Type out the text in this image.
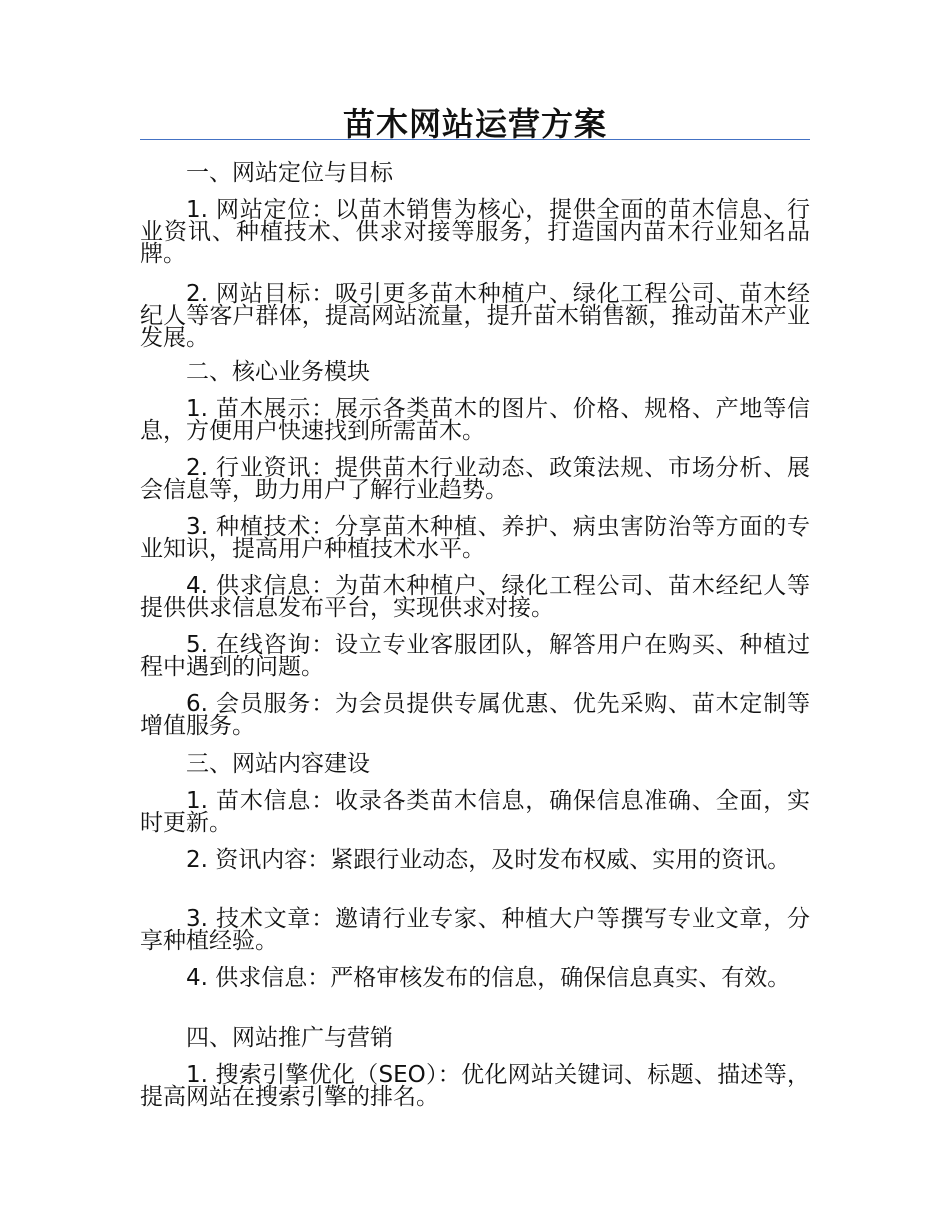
苗木网站运营方案
一、网站定位与目标
1. 网站定位：以苗木销售为核心，提供全面的苗木信息、行业资讯、种植技术、供求对接等服务，打造国内苗木行业知名品牌。
2. 网站目标：吸引更多苗木种植户、绿化工程公司、苗木经纪人等客户群体，提高网站流量，提升苗木销售额，推动苗木产业发展。
二、核心业务模块
1. 苗木展示：展示各类苗木的图片、价格、规格、产地等信息，方便用户快速找到所需苗木。
2. 行业资讯：提供苗木行业动态、政策法规、市场分析、展会信息等，助力用户了解行业趋势。
3. 种植技术：分享苗木种植、养护、病虫害防治等方面的专业知识，提高用户种植技术水平。
4. 供求信息：为苗木种植户、绿化工程公司、苗木经纪人等提供供求信息发布平台，实现供求对接。
5. 在线咨询：设立专业客服团队，解答用户在购买、种植过程中遇到的问题。
6. 会员服务：为会员提供专属优惠、优先采购、苗木定制等增值服务。
三、网站内容建设
1. 苗木信息：收录各类苗木信息，确保信息准确、全面，实时更新。
2. 资讯内容：紧跟行业动态，及时发布权威、实用的资讯。
3. 技术文章：邀请行业专家、种植大户等撰写专业文章，分享种植经验。
4. 供求信息：严格审核发布的信息，确保信息真实、有效。
四、网站推广与营销
1. 搜索引擎优化（SEO）：优化网站关键词、标题、描述等，提高网站在搜索引擎的排名。
